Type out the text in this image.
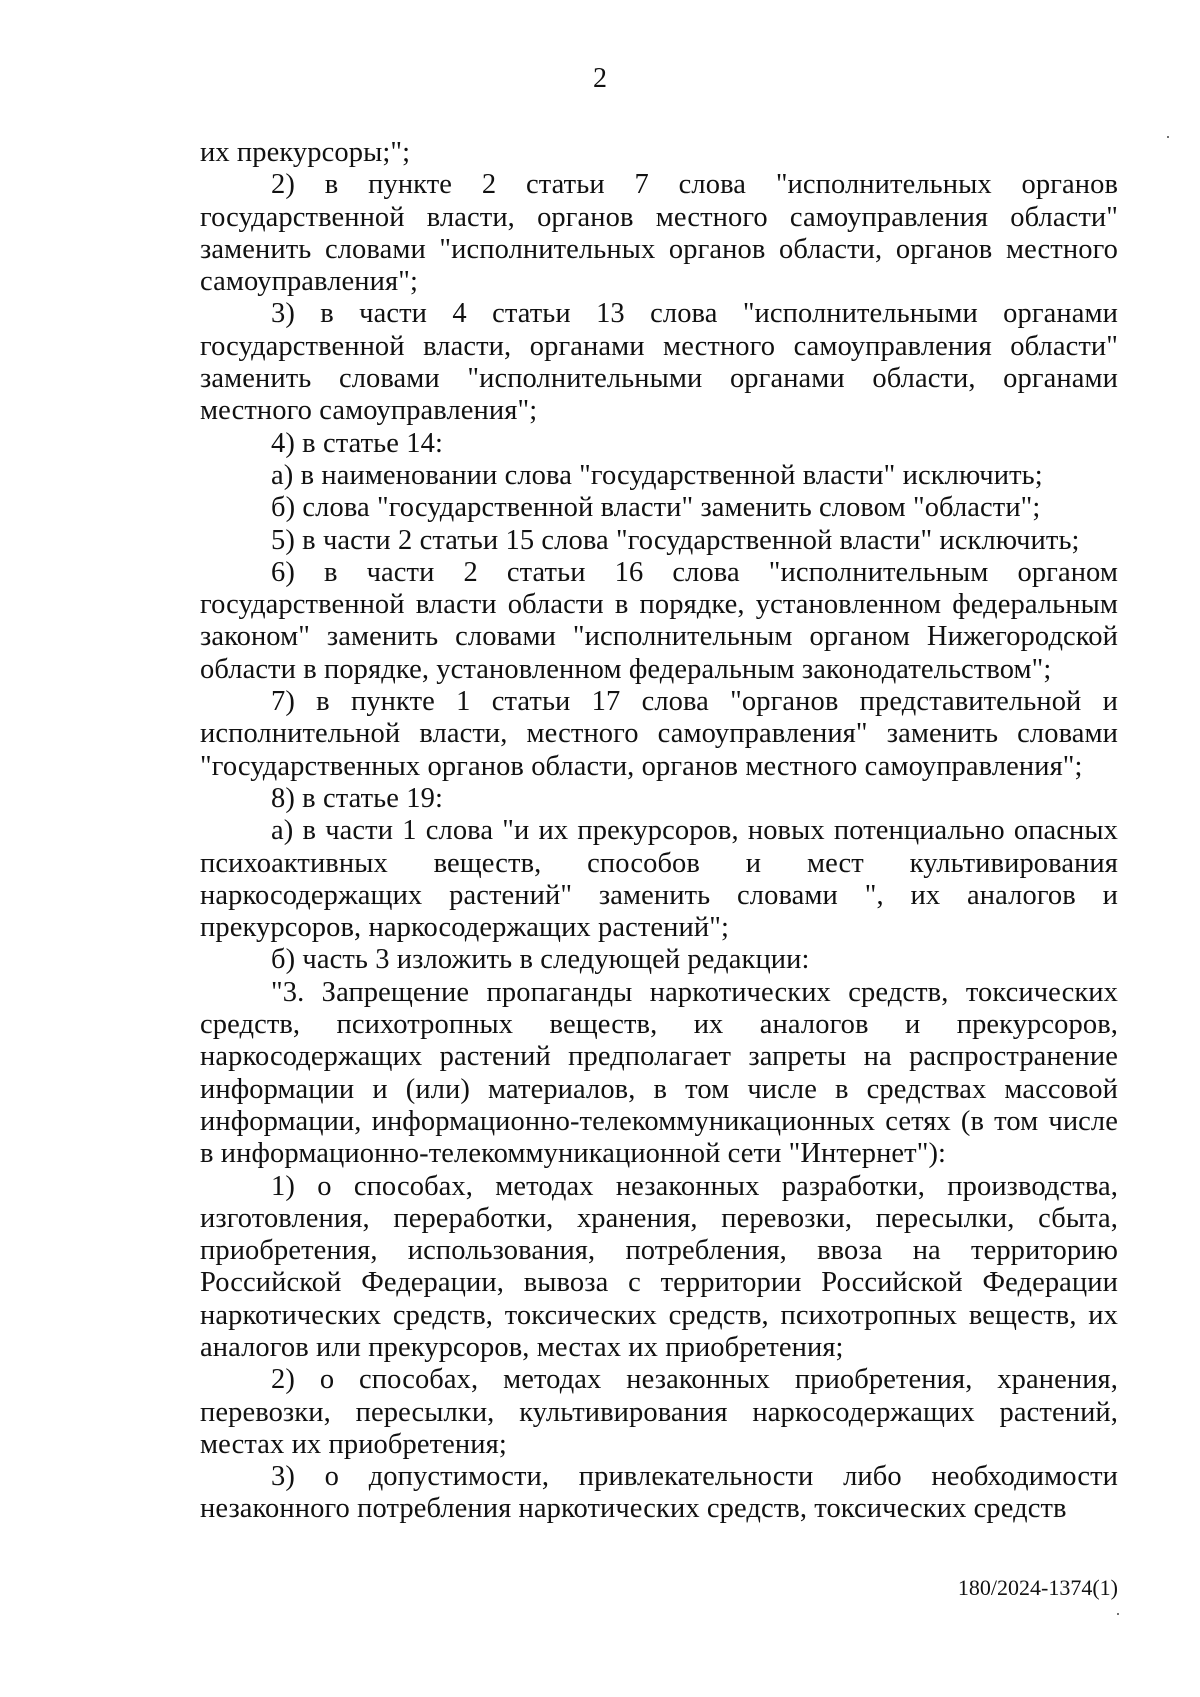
2

их прекурсоры;";

2) в пункте 2 статьи 7 слова "исполнительных органов государственной власти, органов местного самоуправления области" заменить словами "исполнительных органов области, органов местного самоуправления";

3) в части 4 статьи 13 слова "исполнительными органами государственной власти, органами местного самоуправления области" заменить словами "исполнительными органами области, органами местного самоуправления";

4) в статье 14:

а) в наименовании слова "государственной власти" исключить;

б) слова "государственной власти" заменить словом "области";

5) в части 2 статьи 15 слова "государственной власти" исключить;

6) в части 2 статьи 16 слова "исполнительным органом государственной власти области в порядке, установленном федеральным законом" заменить словами "исполнительным органом Нижегородской области в порядке, установленном федеральным законодательством";

7) в пункте 1 статьи 17 слова "органов представительной и исполнительной власти, местного самоуправления" заменить словами "государственных органов области, органов местного самоуправления";

8) в статье 19:

а) в части 1 слова "и их прекурсоров, новых потенциально опасных психоактивных веществ, способов и мест культивирования наркосодержащих растений" заменить словами ", их аналогов и прекурсоров, наркосодержащих растений";

б) часть 3 изложить в следующей редакции:

"3. Запрещение пропаганды наркотических средств, токсических средств, психотропных веществ, их аналогов и прекурсоров, наркосодержащих растений предполагает запреты на распространение информации и (или) материалов, в том числе в средствах массовой информации, информационно-телекоммуникационных сетях (в том числе в информационно-телекоммуникационной сети "Интернет"):

1) о способах, методах незаконных разработки, производства, изготовления, переработки, хранения, перевозки, пересылки, сбыта, приобретения, использования, потребления, ввоза на территорию Российской Федерации, вывоза с территории Российской Федерации наркотических средств, токсических средств, психотропных веществ, их аналогов или прекурсоров, местах их приобретения;

2) о способах, методах незаконных приобретения, хранения, перевозки, пересылки, культивирования наркосодержащих растений, местах их приобретения;

3) о допустимости, привлекательности либо необходимости незаконного потребления наркотических средств, токсических средств

180/2024-1374(1)
